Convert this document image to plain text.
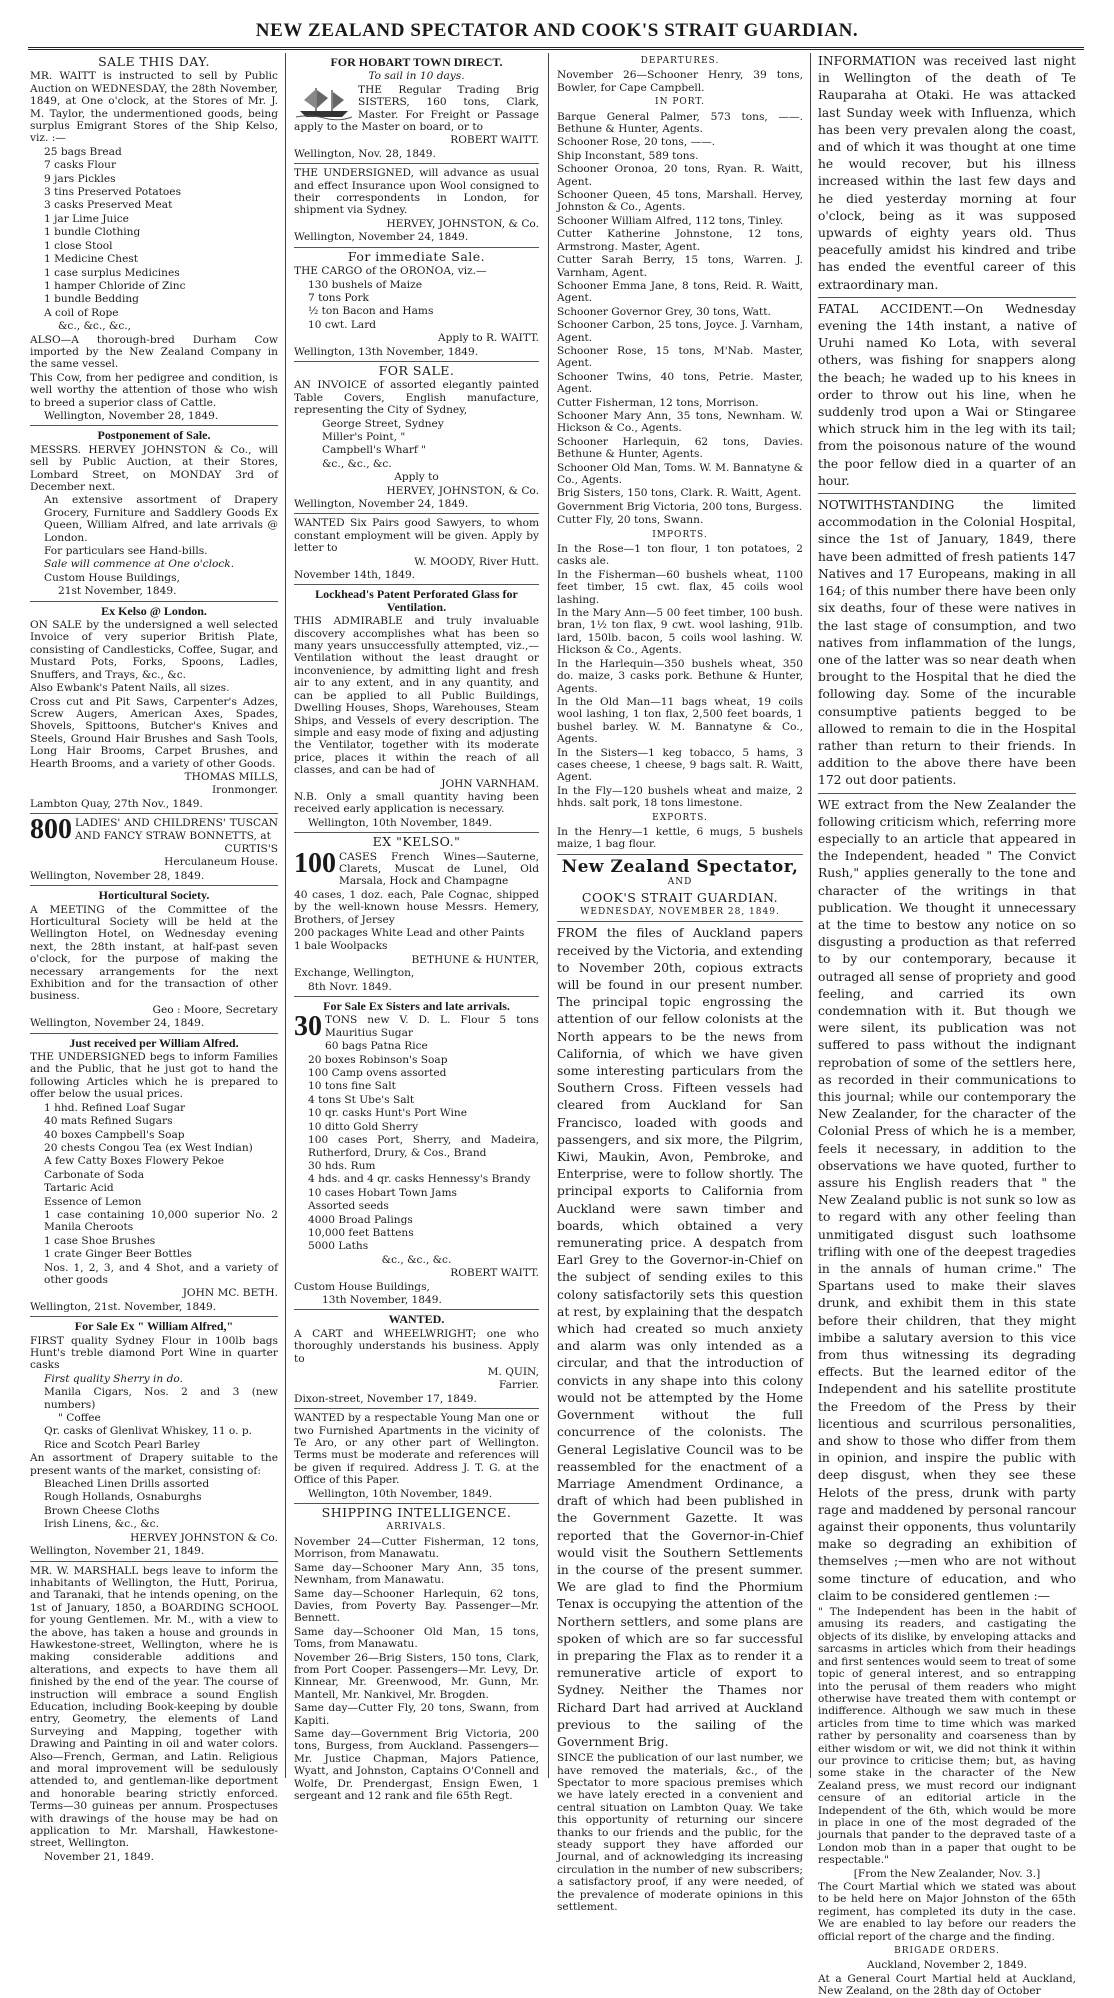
NEW ZEALAND SPECTATOR AND COOK'S STRAIT GUARDIAN.
SALE THIS DAY.

MR. WAITT is instructed to sell by Public Auction on WEDNESDAY, the 28th November, 1849, at One o'clock, at the Stores of Mr. J. M. Taylor, the undermentioned goods, being surplus Emigrant Stores of the Ship Kelso, viz. :—

25 bags Bread

7 casks Flour

9 jars Pickles

3 tins Preserved Potatoes

3 casks Preserved Meat

1 jar Lime Juice

1 bundle Clothing

1 close Stool

1 Medicine Chest

1 case surplus Medicines

1 hamper Chloride of Zinc

1 bundle Bedding

A coil of Rope

&c., &c., &c.,

ALSO—A thorough-bred Durham Cow imported by the New Zealand Company in the same vessel.

This Cow, from her pedigree and condition, is well worthy the attention of those who wish to breed a superior class of Cattle.

Wellington, November 28, 1849.

Postponement of Sale.

MESSRS. HERVEY JOHNSTON & Co., will sell by Public Auction, at their Stores, Lombard Street, on MONDAY 3rd of December next.

An extensive assortment of Drapery Grocery, Furniture and Saddlery Goods Ex Queen, William Alfred, and late arrivals @ London.

For particulars see Hand-bills.

Sale will commence at One o'clock.

Custom House Buildings,

21st November, 1849.

Ex Kelso @ London.

ON SALE by the undersigned a well selected Invoice of very superior British Plate, consisting of Candlesticks, Coffee, Sugar, and Mustard Pots, Forks, Spoons, Ladles, Snuffers, and Trays, &c., &c.

Also Ewbank's Patent Nails, all sizes.

Cross cut and Pit Saws, Carpenter's Adzes, Screw Augers, American Axes, Spades, Shovels, Spittoons, Butcher's Knives and Steels, Ground Hair Brushes and Sash Tools, Long Hair Brooms, Carpet Brushes, and Hearth Brooms, and a variety of other Goods.

THOMAS MILLS,

Ironmonger.

Lambton Quay, 27th Nov., 1849.

800 LADIES' AND CHILDRENS' TUSCAN AND FANCY STRAW BONNETTS, at

CURTIS'S

Herculaneum House.

Wellington, November 28, 1849.

Horticultural Society.

A MEETING of the Committee of the Horticultural Society will be held at the Wellington Hotel, on Wednesday evening next, the 28th instant, at half-past seven o'clock, for the purpose of making the necessary arrangements for the next Exhibition and for the transaction of other business.

Geo : Moore, Secretary

Wellington, November 24, 1849.

Just received per William Alfred.

THE UNDERSIGNED begs to inform Families and the Public, that he just got to hand the following Articles which he is prepared to offer below the usual prices.

1 hhd. Refined Loaf Sugar

40 mats Refined Sugars

40 boxes Campbell's Soap

20 chests Congou Tea (ex West Indian)

A few Catty Boxes Flowery Pekoe

Carbonate of Soda

Tartaric Acid

Essence of Lemon

1 case containing 10,000 superior No. 2 Manila Cheroots

1 case Shoe Brushes

1 crate Ginger Beer Bottles

Nos. 1, 2, 3, and 4 Shot, and a variety of other goods

JOHN MC. BETH.

Wellington, 21st. November, 1849.

For Sale Ex " William Alfred,"

FIRST quality Sydney Flour in 100lb bags Hunt's treble diamond Port Wine in quarter casks

First quality Sherry in do.

Manila Cigars, Nos. 2 and 3 (new numbers)

" Coffee

Qr. casks of Glenlivat Whiskey, 11 o. p.

Rice and Scotch Pearl Barley

An assortment of Drapery suitable to the present wants of the market, consisting of:

Bleached Linen Drills assorted

Rough Hollands, Osnaburghs

Brown Cheese Cloths

Irish Linens, &c., &c.

HERVEY JOHNSTON & Co.

Wellington, November 21, 1849.

MR. W. MARSHALL begs leave to inform the inhabitants of Wellington, the Hutt, Porirua, and Taranaki, that he intends opening, on the 1st of January, 1850, a BOARDING SCHOOL for young Gentlemen. Mr. M., with a view to the above, has taken a house and grounds in Hawkestone-street, Wellington, where he is making considerable additions and alterations, and expects to have them all finished by the end of the year. The course of instruction will embrace a sound English Education, including Book-keeping by double entry, Geometry, the elements of Land Surveying and Mapping, together with Drawing and Painting in oil and water colors. Also—French, German, and Latin. Religious and moral improvement will be sedulously attended to, and gentleman-like deportment and honorable bearing strictly enforced. Terms—30 guineas per annum. Prospectuses with drawings of the house may be had on application to Mr. Marshall, Hawkestone-street, Wellington.

November 21, 1849.

FOR HOBART TOWN DIRECT.

To sail in 10 days.

THE Regular Trading Brig SISTERS, 160 tons, Clark, Master. For Freight or Passage apply to the Master on board, or to

ROBERT WAITT.

Wellington, Nov. 28, 1849.

THE UNDERSIGNED, will advance as usual and effect Insurance upon Wool consigned to their correspondents in London, for shipment via Sydney.

HERVEY, JOHNSTON, & Co.

Wellington, November 24, 1849.

For immediate Sale.

THE CARGO of the ORONOA, viz.—

130 bushels of Maize

7 tons Pork

½ ton Bacon and Hams

10 cwt. Lard

Apply to R. WAITT.

Wellington, 13th November, 1849.

FOR SALE.

AN INVOICE of assorted elegantly painted Table Covers, English manufacture, representing the City of Sydney,

George Street, Sydney

Miller's Point, "

Campbell's Wharf "

&c., &c., &c.

Apply to

HERVEY, JOHNSTON, & Co.

Wellington, November 24, 1849.

WANTED Six Pairs good Sawyers, to whom constant employment will be given. Apply by letter to

W. MOODY, River Hutt.

November 14th, 1849.

Lockhead's Patent Perforated Glass for Ventilation.

THIS ADMIRABLE and truly invaluable discovery accomplishes what has been so many years unsuccessfully attempted, viz.,—Ventilation without the least draught or inconvenience, by admitting light and fresh air to any extent, and in any quantity, and can be applied to all Public Buildings, Dwelling Houses, Shops, Warehouses, Steam Ships, and Vessels of every description. The simple and easy mode of fixing and adjusting the Ventilator, together with its moderate price, places it within the reach of all classes, and can be had of

JOHN VARNHAM.

N.B. Only a small quantity having been received early application is necessary.

Wellington, 10th November, 1849.

EX "KELSO."

100 CASES French Wines—Sauterne, Clarets, Muscat de Lunel, Old Marsala, Hock and Champagne

40 cases, 1 doz. each, Pale Cognac, shipped by the well-known house Messrs. Hemery, Brothers, of Jersey

200 packages White Lead and other Paints

1 bale Woolpacks

BETHUNE & HUNTER,

Exchange, Wellington,

8th Novr. 1849.

For Sale Ex Sisters and late arrivals.

30 TONS new V. D. L. Flour 5 tons Mauritius Sugar

60 bags Patna Rice

20 boxes Robinson's Soap

100 Camp ovens assorted

10 tons fine Salt

4 tons St Ube's Salt

10 qr. casks Hunt's Port Wine

10 ditto Gold Sherry

100 cases Port, Sherry, and Madeira, Rutherford, Drury, & Cos., Brand

30 hds. Rum

4 hds. and 4 qr. casks Hennessy's Brandy

10 cases Hobart Town Jams

Assorted seeds

4000 Broad Palings

10,000 feet Battens

5000 Laths

&c., &c., &c.

ROBERT WAITT.

Custom House Buildings,

13th November, 1849.

WANTED.

A CART and WHEELWRIGHT; one who thoroughly understands his business. Apply to

M. QUIN,

Farrier.

Dixon-street, November 17, 1849.

WANTED by a respectable Young Man one or two Furnished Apartments in the vicinity of Te Aro, or any other part of Wellington. Terms must be moderate and references will be given if required. Address J. T. G. at the Office of this Paper.

Wellington, 10th November, 1849.

SHIPPING INTELLIGENCE.
ARRIVALS.

November 24—Cutter Fisherman, 12 tons, Morrison, from Manawatu.

Same day—Schooner Mary Ann, 35 tons, Newnham, from Manawatu.

Same day—Schooner Harlequin, 62 tons, Davies, from Poverty Bay. Passenger—Mr. Bennett.

Same day—Schooner Old Man, 15 tons, Toms, from Manawatu.

November 26—Brig Sisters, 150 tons, Clark, from Port Cooper. Passengers—Mr. Levy, Dr. Kinnear, Mr. Greenwood, Mr. Gunn, Mr. Mantell, Mr. Nankivel, Mr. Brogden.

Same day—Cutter Fly, 20 tons, Swann, from Kapiti.

Same day—Government Brig Victoria, 200 tons, Burgess, from Auckland. Passengers—Mr. Justice Chapman, Majors Patience, Wyatt, and Johnston, Captains O'Connell and Wolfe, Dr. Prendergast, Ensign Ewen, 1 sergeant and 12 rank and file 65th Regt.

DEPARTURES.

November 26—Schooner Henry, 39 tons, Bowler, for Cape Campbell.

IN PORT.

Barque General Palmer, 573 tons, ——. Bethune & Hunter, Agents.

Schooner Rose, 20 tons, ——.

Ship Inconstant, 589 tons.

Schooner Oronoa, 20 tons, Ryan. R. Waitt, Agent.

Schooner Queen, 45 tons, Marshall. Hervey, Johnston & Co., Agents.

Schooner William Alfred, 112 tons, Tinley.

Cutter Katherine Johnstone, 12 tons, Armstrong. Master, Agent.

Cutter Sarah Berry, 15 tons, Warren. J. Varnham, Agent.

Schooner Emma Jane, 8 tons, Reid. R. Waitt, Agent.

Schooner Governor Grey, 30 tons, Watt.

Schooner Carbon, 25 tons, Joyce. J. Varnham, Agent.

Schooner Rose, 15 tons, M'Nab. Master, Agent.

Schooner Twins, 40 tons, Petrie. Master, Agent.

Cutter Fisherman, 12 tons, Morrison.

Schooner Mary Ann, 35 tons, Newnham. W. Hickson & Co., Agents.

Schooner Harlequin, 62 tons, Davies. Bethune & Hunter, Agents.

Schooner Old Man, Toms. W. M. Bannatyne & Co., Agents.

Brig Sisters, 150 tons, Clark. R. Waitt, Agent.

Government Brig Victoria, 200 tons, Burgess.

Cutter Fly, 20 tons, Swann.

IMPORTS.

In the Rose—1 ton flour, 1 ton potatoes, 2 casks ale.

In the Fisherman—60 bushels wheat, 1100 feet timber, 15 cwt. flax, 45 coils wool lashing.

In the Mary Ann—5 00 feet timber, 100 bush. bran, 1½ ton flax, 9 cwt. wool lashing, 91lb. lard, 150lb. bacon, 5 coils wool lashing. W. Hickson & Co., Agents.

In the Harlequin—350 bushels wheat, 350 do. maize, 3 casks pork. Bethune & Hunter, Agents.

In the Old Man—11 bags wheat, 19 coils wool lashing, 1 ton flax, 2,500 feet boards, 1 bushel barley. W. M. Bannatyne & Co., Agents.

In the Sisters—1 keg tobacco, 5 hams, 3 cases cheese, 1 cheese, 9 bags salt. R. Waitt, Agent.

In the Fly—120 bushels wheat and maize, 2 hhds. salt pork, 18 tons limestone.

EXPORTS.

In the Henry—1 kettle, 6 mugs, 5 bushels maize, 1 bag flour.

New Zealand Spectator,
AND
COOK'S STRAIT GUARDIAN.
WEDNESDAY, NOVEMBER 28, 1849.

FROM the files of Auckland papers received by the Victoria, and extending to November 20th, copious extracts will be found in our present number. The principal topic engrossing the attention of our fellow colonists at the North appears to be the news from California, of which we have given some interesting particulars from the Southern Cross. Fifteen vessels had cleared from Auckland for San Francisco, loaded with goods and passengers, and six more, the Pilgrim, Kiwi, Maukin, Avon, Pembroke, and Enterprise, were to follow shortly. The principal exports to California from Auckland were sawn timber and boards, which obtained a very remunerating price. A despatch from Earl Grey to the Governor-in-Chief on the subject of sending exiles to this colony satisfactorily sets this question at rest, by explaining that the despatch which had created so much anxiety and alarm was only intended as a circular, and that the introduction of convicts in any shape into this colony would not be attempted by the Home Government without the full concurrence of the colonists. The General Legislative Council was to be reassembled for the enactment of a Marriage Amendment Ordinance, a draft of which had been published in the Government Gazette. It was reported that the Governor-in-Chief would visit the Southern Settlements in the course of the present summer. We are glad to find the Phormium Tenax is occupying the attention of the Northern settlers, and some plans are spoken of which are so far successful in preparing the Flax as to render it a remunerative article of export to Sydney. Neither the Thames nor Richard Dart had arrived at Auckland previous to the sailing of the Government Brig.

SINCE the publication of our last number, we have removed the materials, &c., of the Spectator to more spacious premises which we have lately erected in a convenient and central situation on Lambton Quay. We take this opportunity of returning our sincere thanks to our friends and the public, for the steady support they have afforded our Journal, and of acknowledging its increasing circulation in the number of new subscribers; a satisfactory proof, if any were needed, of the prevalence of moderate opinions in this settlement.

INFORMATION was received last night in Wellington of the death of Te Rauparaha at Otaki. He was attacked last Sunday week with Influenza, which has been very prevalen along the coast, and of which it was thought at one time he would recover, but his illness increased within the last few days and he died yesterday morning at four o'clock, being as it was supposed upwards of eighty years old. Thus peacefully amidst his kindred and tribe has ended the eventful career of this extraordinary man.

FATAL ACCIDENT.—On Wednesday evening the 14th instant, a native of Uruhi named Ko Lota, with several others, was fishing for snappers along the beach; he waded up to his knees in order to throw out his line, when he suddenly trod upon a Wai or Stingaree which struck him in the leg with its tail; from the poisonous nature of the wound the poor fellow died in a quarter of an hour.

NOTWITHSTANDING the limited accommodation in the Colonial Hospital, since the 1st of January, 1849, there have been admitted of fresh patients 147 Natives and 17 Europeans, making in all 164; of this number there have been only six deaths, four of these were natives in the last stage of consumption, and two natives from inflammation of the lungs, one of the latter was so near death when brought to the Hospital that he died the following day. Some of the incurable consumptive patients begged to be allowed to remain to die in the Hospital rather than return to their friends. In addition to the above there have been 172 out door patients.

WE extract from the New Zealander the following criticism which, referring more especially to an article that appeared in the Independent, headed " The Convict Rush," applies generally to the tone and character of the writings in that publication. We thought it unnecessary at the time to bestow any notice on so disgusting a production as that referred to by our contemporary, because it outraged all sense of propriety and good feeling, and carried its own condemnation with it. But though we were silent, its publication was not suffered to pass without the indignant reprobation of some of the settlers here, as recorded in their communications to this journal; while our contemporary the New Zealander, for the character of the Colonial Press of which he is a member, feels it necessary, in addition to the observations we have quoted, further to assure his English readers that " the New Zealand public is not sunk so low as to regard with any other feeling than unmitigated disgust such loathsome trifling with one of the deepest tragedies in the annals of human crime." The Spartans used to make their slaves drunk, and exhibit them in this state before their children, that they might imbibe a salutary aversion to this vice from thus witnessing its degrading effects. But the learned editor of the Independent and his satellite prostitute the Freedom of the Press by their licentious and scurrilous personalities, and show to those who differ from them in opinion, and inspire the public with deep disgust, when they see these Helots of the press, drunk with party rage and maddened by personal rancour against their opponents, thus voluntarily make so degrading an exhibition of themselves ;—men who are not without some tincture of education, and who claim to be considered gentlemen :—

" The Independent has been in the habit of amusing its readers, and castigating the objects of its dislike, by enveloping attacks and sarcasms in articles which from their headings and first sentences would seem to treat of some topic of general interest, and so entrapping into the perusal of them readers who might otherwise have treated them with contempt or indifference. Although we saw much in these articles from time to time which was marked rather by personality and coarseness than by either wisdom or wit, we did not think it within our province to criticise them; but, as having some stake in the character of the New Zealand press, we must record our indignant censure of an editorial article in the Independent of the 6th, which would be more in place in one of the most degraded of the journals that pander to the depraved taste of a London mob than in a paper that ought to be respectable."

[From the New Zealander, Nov. 3.]

The Court Martial which we stated was about to be held here on Major Johnston of the 65th regiment, has completed its duty in the case. We are enabled to lay before our readers the official report of the charge and the finding.

BRIGADE ORDERS.

Auckland, November 2, 1849.

At a General Court Martial held at Auckland, New Zealand, on the 28th day of October
